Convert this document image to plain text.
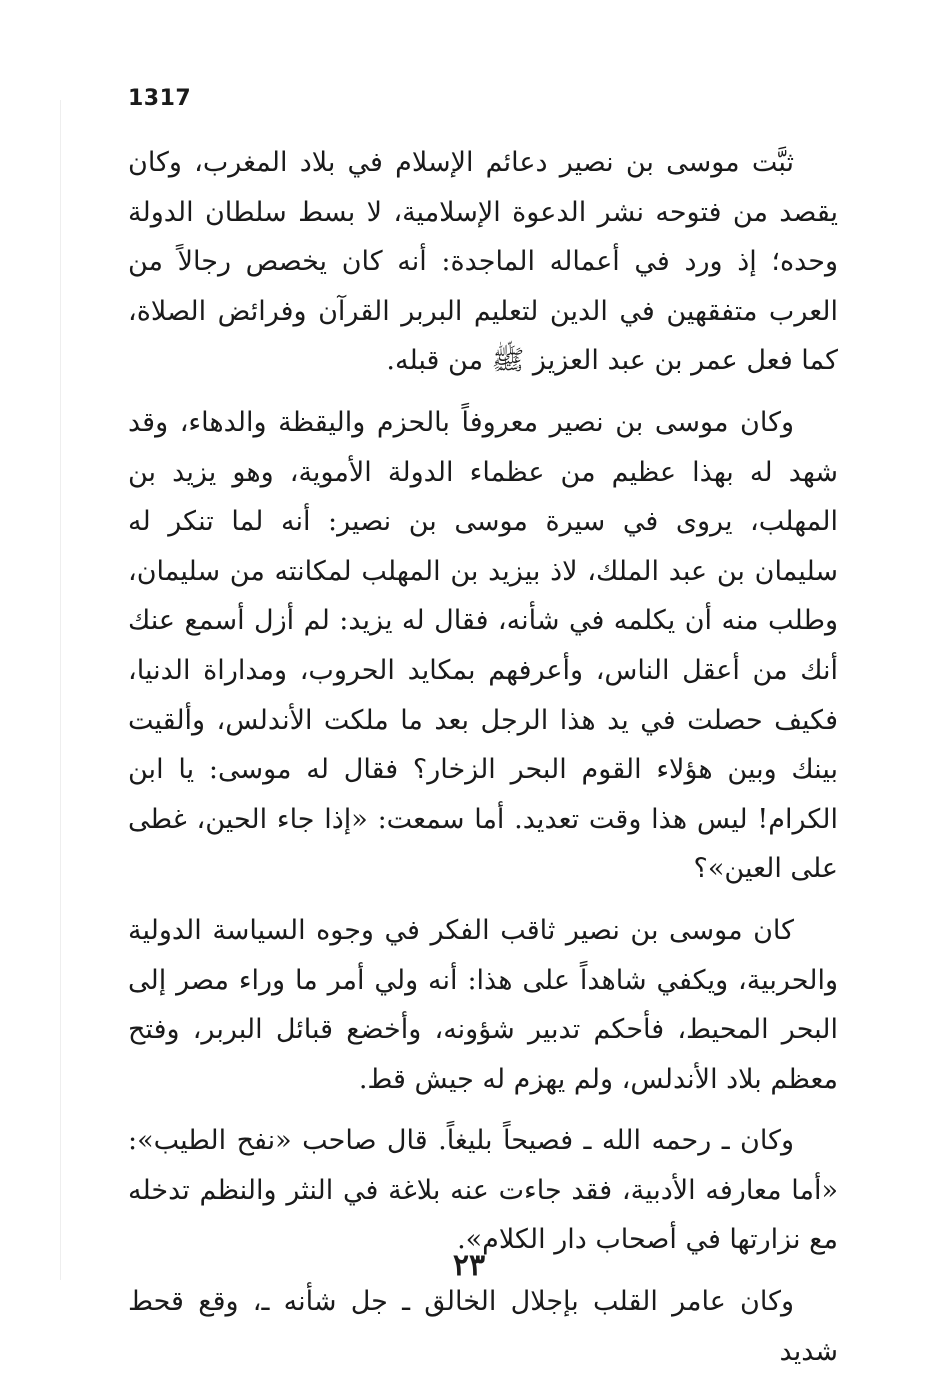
1317

ثبَّت موسى بن نصير دعائم الإسلام في بلاد المغرب، وكان يقصد من فتوحه نشر الدعوة الإسلامية، لا بسط سلطان الدولة وحده؛ إذ ورد في أعماله الماجدة: أنه كان يخصص رجالاً من العرب متفقهين في الدين لتعليم البربر القرآن وفرائض الصلاة، كما فعل عمر بن عبد العزيز ﷺ من قبله.

وكان موسى بن نصير معروفاً بالحزم واليقظة والدهاء، وقد شهد له بهذا عظيم من عظماء الدولة الأموية، وهو يزيد بن المهلب، يروى في سيرة موسى بن نصير: أنه لما تنكر له سليمان بن عبد الملك، لاذ بيزيد بن المهلب لمكانته من سليمان، وطلب منه أن يكلمه في شأنه، فقال له يزيد: لم أزل أسمع عنك أنك من أعقل الناس، وأعرفهم بمكايد الحروب، ومداراة الدنيا، فكيف حصلت في يد هذا الرجل بعد ما ملكت الأندلس، وألقيت بينك وبين هؤلاء القوم البحر الزخار؟ فقال له موسى: يا ابن الكرام! ليس هذا وقت تعديد. أما سمعت: «إذا جاء الحين، غطى على العين»؟

كان موسى بن نصير ثاقب الفكر في وجوه السياسة الدولية والحربية، ويكفي شاهداً على هذا: أنه ولي أمر ما وراء مصر إلى البحر المحيط، فأحكم تدبير شؤونه، وأخضع قبائل البربر، وفتح معظم بلاد الأندلس، ولم يهزم له جيش قط.

وكان ـ رحمه الله ـ فصيحاً بليغاً. قال صاحب «نفح الطيب»: «أما معارفه الأدبية، فقد جاءت عنه بلاغة في النثر والنظم تدخله مع نزارتها في أصحاب دار الكلام».

وكان عامر القلب بإجلال الخالق ـ جل شأنه ـ، وقع قحط شديد

٢٣
